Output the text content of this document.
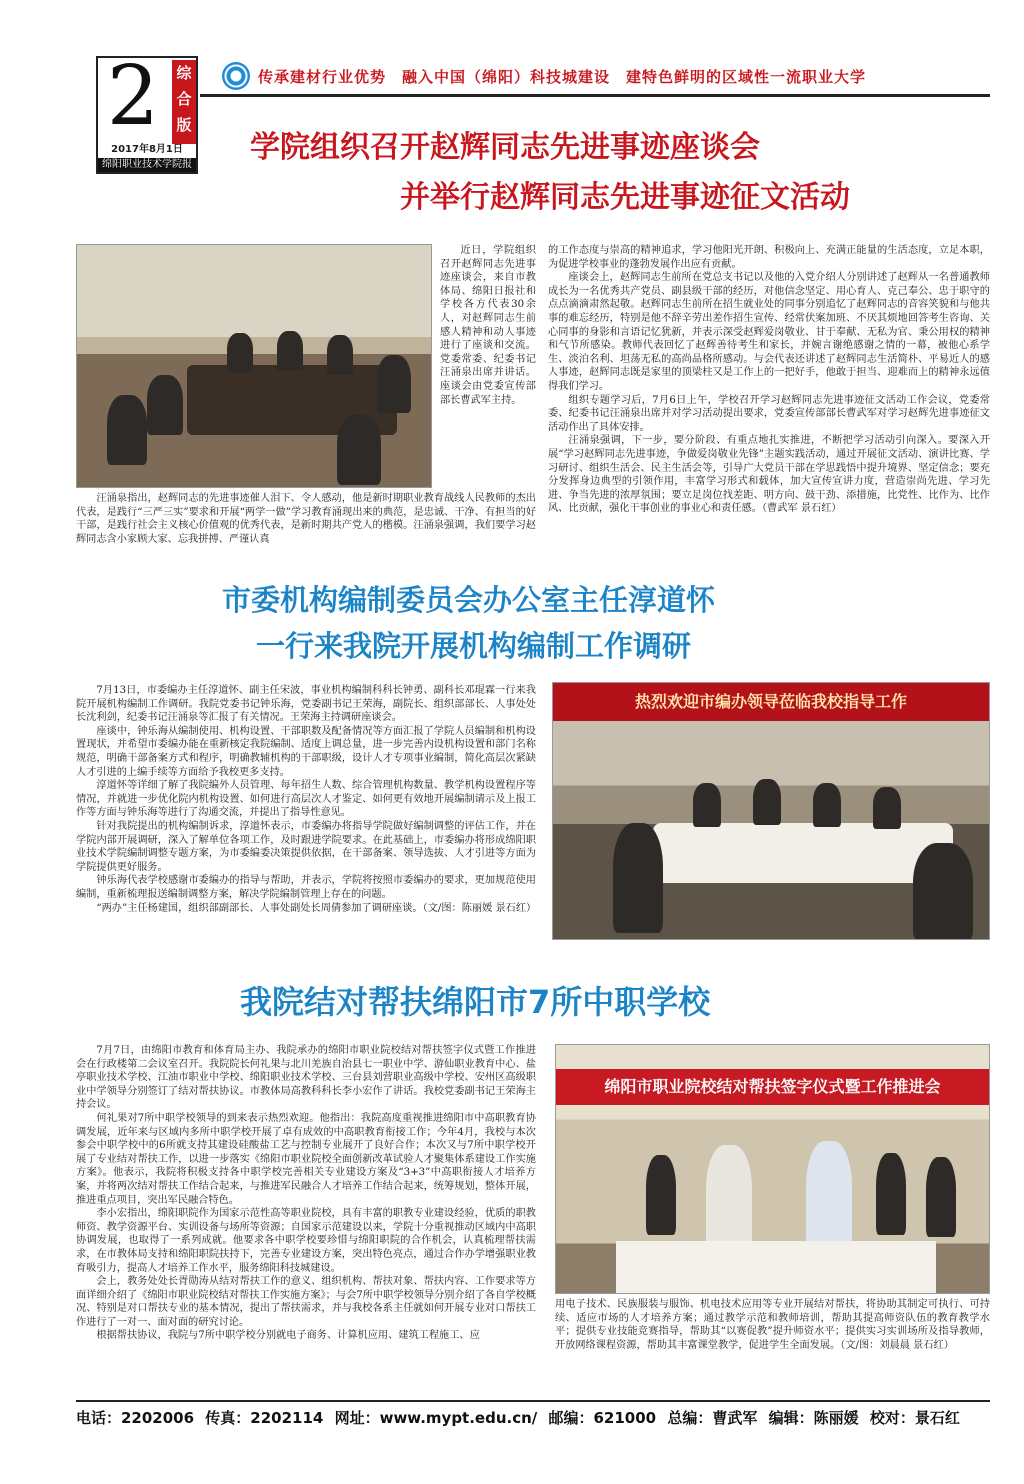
2	综
合
版
2017年8月1日
绵阳职业技术学院报
传承建材行业优势　融入中国（绵阳）科技城建设　建特色鲜明的区域性一流职业大学
学院组织召开赵辉同志先进事迹座谈会
并举行赵辉同志先进事迹征文活动

近日，学院组织召开赵辉同志先进事迹座谈会，来自市教体局、绵阳日报社和学校各方代表30余人，对赵辉同志生前感人精神和动人事迹进行了座谈和交流。党委常委、纪委书记汪涌泉出席并讲话。座谈会由党委宣传部部长曹武军主持。

汪涌泉指出，赵辉同志的先进事迹催人泪下、令人感动，他是新时期职业教育战线人民教师的杰出代表，是践行“三严三实”要求和开展“两学一做”学习教育涌现出来的典范，是忠诚、干净、有担当的好干部，是践行社会主义核心价值观的优秀代表，是新时期共产党人的楷模。汪涌泉强调，我们要学习赵辉同志含小家顾大家、忘我拼搏、严谨认真

的工作态度与崇高的精神追求，学习他阳光开朗、积极向上、充满正能量的生活态度，立足本职，为促进学校事业的蓬勃发展作出应有贡献。

座谈会上，赵辉同志生前所在党总支书记以及他的入党介绍人分别讲述了赵辉从一名普通教师成长为一名优秀共产党员、副县级干部的经历，对他信念坚定、用心育人、克己奉公、忠于职守的点点滴滴肃然起敬。赵辉同志生前所在招生就业处的同事分别追忆了赵辉同志的音容笑貌和与他共事的难忘经历，特别是他不辞辛劳出差作招生宣传、经常伏案加班、不厌其烦地回答考生咨询、关心同事的身影和言语记忆犹新，并表示深受赵辉爱岗敬业、甘于奉献、无私为官、秉公用权的精神和气节所感染。教师代表回忆了赵辉善待考生和家长，并婉言谢绝感谢之情的一幕，被他心系学生、淡泊名利、坦荡无私的高尚品格所感动。与会代表还讲述了赵辉同志生活简朴、平易近人的感人事迹，赵辉同志既是家里的顶梁柱又是工作上的一把好手，他敢于担当、迎难而上的精神永远值得我们学习。

组织专题学习后，7月6日上午，学校召开学习赵辉同志先进事迹征文活动工作会议，党委常委、纪委书记汪涌泉出席并对学习活动提出要求，党委宣传部部长曹武军对学习赵辉先进事迹征文活动作出了具体安排。

汪涌泉强调，下一步，要分阶段、有重点地扎实推进，不断把学习活动引向深入。要深入开展“学习赵辉同志先进事迹，争做爱岗敬业先锋”主题实践活动，通过开展征文活动、演讲比赛、学习研讨、组织生活会、民主生活会等，引导广大党员干部在学思践悟中提升境界、坚定信念；要充分发挥身边典型的引领作用，丰富学习形式和载体，加大宣传宣讲力度，营造崇尚先进、学习先进、争当先进的浓厚氛围；要立足岗位找差距、明方向、鼓干劲、添措施，比党性、比作为、比作风、比贡献，强化干事创业的事业心和责任感。（曹武军 景石红）

市委机构编制委员会办公室主任淳道怀
一行来我院开展机构编制工作调研

7月13日，市委编办主任淳道怀、副主任宋波，事业机构编制科科长钟勇、副科长邓琨霖一行来我院开展机构编制工作调研。我院党委书记钟乐海，党委副书记王荣海，副院长、组织部部长、人事处处长沈利剑，纪委书记汪涌泉等汇报了有关情况。王荣海主持调研座谈会。

座谈中，钟乐海从编制使用、机构设置、干部职数及配备情况等方面汇报了学院人员编制和机构设置现状，并希望市委编办能在重新核定我院编制、适度上调总量，进一步完善内设机构设置和部门名称规范，明确干部备案方式和程序，明确教辅机构的干部职级，设计人才专项事业编制，简化高层次紧缺人才引进的上编手续等方面给予我校更多支持。

淳道怀等详细了解了我院编外人员管理、每年招生人数、综合管理机构数量、教学机构设置程序等情况，并就进一步优化院内机构设置、如何进行高层次人才鉴定、如何更有效地开展编制请示及上报工作等方面与钟乐海等进行了沟通交流，并提出了指导性意见。

针对我院提出的机构编制诉求，淳道怀表示，市委编办将指导学院做好编制调整的评估工作，并在学院内部开展调研，深入了解单位各项工作，及时跟进学院要求。在此基础上，市委编办将形成绵阳职业技术学院编制调整专题方案，为市委编委决策提供依据，在干部备案、领导选拔、人才引进等方面为学院提供更好服务。

钟乐海代表学校感谢市委编办的指导与帮助，并表示，学院将按照市委编办的要求，更加规范使用编制，重新梳理报送编制调整方案，解决学院编制管理上存在的问题。

“两办”主任杨建国，组织部副部长、人事处副处长周倩参加了调研座谈。（文/图：陈丽媛 景石红）

热烈欢迎市编办领导莅临我校指导工作
我院结对帮扶绵阳市7所中职学校

7月7日，由绵阳市教育和体育局主办、我院承办的绵阳市职业院校结对帮扶签字仪式暨工作推进会在行政楼第二会议室召开。我院院长何礼果与北川羌族自治县七一职业中学、游仙职业教育中心、盐亭职业技术学校、江油市职业中学校、绵阳职业技术学校、三台县刘营职业高级中学校、安州区高级职业中学领导分别签订了结对帮扶协议。市教体局高教科科长李小宏作了讲话。我校党委副书记王荣海主持会议。

何礼果对7所中职学校领导的到来表示热烈欢迎。他指出：我院高度重视推进绵阳市中高职教育协调发展，近年来与区域内多所中职学校开展了卓有成效的中高职教育衔接工作；今年4月，我校与本次参会中职学校中的6所就支持其建设硅酸盐工艺与控制专业展开了良好合作；本次又与7所中职学校开展了专业结对帮扶工作，以进一步落实《绵阳市职业院校全面创新改革试验人才聚集体系建设工作实施方案》。他表示，我院将积极支持各中职学校完善相关专业建设方案及“3+3”中高职衔接人才培养方案，并将两次结对帮扶工作结合起来，与推进军民融合人才培养工作结合起来，统筹规划，整体开展，推进重点项目，突出军民融合特色。

李小宏指出，绵阳职院作为国家示范性高等职业院校，具有丰富的职教专业建设经验，优质的职教师资、教学资源平台、实训设备与场所等资源；自国家示范建设以来，学院十分重视推动区域内中高职协调发展，也取得了一系列成就。他要求各中职学校要珍惜与绵阳职院的合作机会，认真梳理帮扶需求，在市教体局支持和绵阳职院扶持下，完善专业建设方案，突出特色亮点，通过合作办学增强职业教育吸引力，提高人才培养工作水平，服务绵阳科技城建设。

会上，教务处处长胥勋涛从结对帮扶工作的意义、组织机构、帮扶对象、帮扶内容、工作要求等方面详细介绍了《绵阳市职业院校结对帮扶工作实施方案》；与会7所中职学校领导分别介绍了各自学校概况、特别是对口帮扶专业的基本情况，提出了帮扶需求，并与我校各系主任就如何开展专业对口帮扶工作进行了一对一、面对面的研究讨论。

根据帮扶协议，我院与7所中职学校分别就电子商务、计算机应用、建筑工程施工、应

绵阳市职业院校结对帮扶签字仪式暨工作推进会

用电子技术、民族服装与服饰、机电技术应用等专业开展结对帮扶，将协助其制定可执行、可持续、适应市场的人才培养方案；通过教学示范和教师培训，帮助其提高师资队伍的教育教学水平；提供专业技能竞赛指导，帮助其“以赛促教”提升师资水平；提供实习实训场所及指导教师，开放网络课程资源，帮助其丰富课堂教学，促进学生全面发展。（文/图：刘晨晨 景石红）

电话：2202006 传真：2202114 网址：www.mypt.edu.cn/ 邮编：621000 总编：曹武军 编辑：陈丽媛 校对：景石红
